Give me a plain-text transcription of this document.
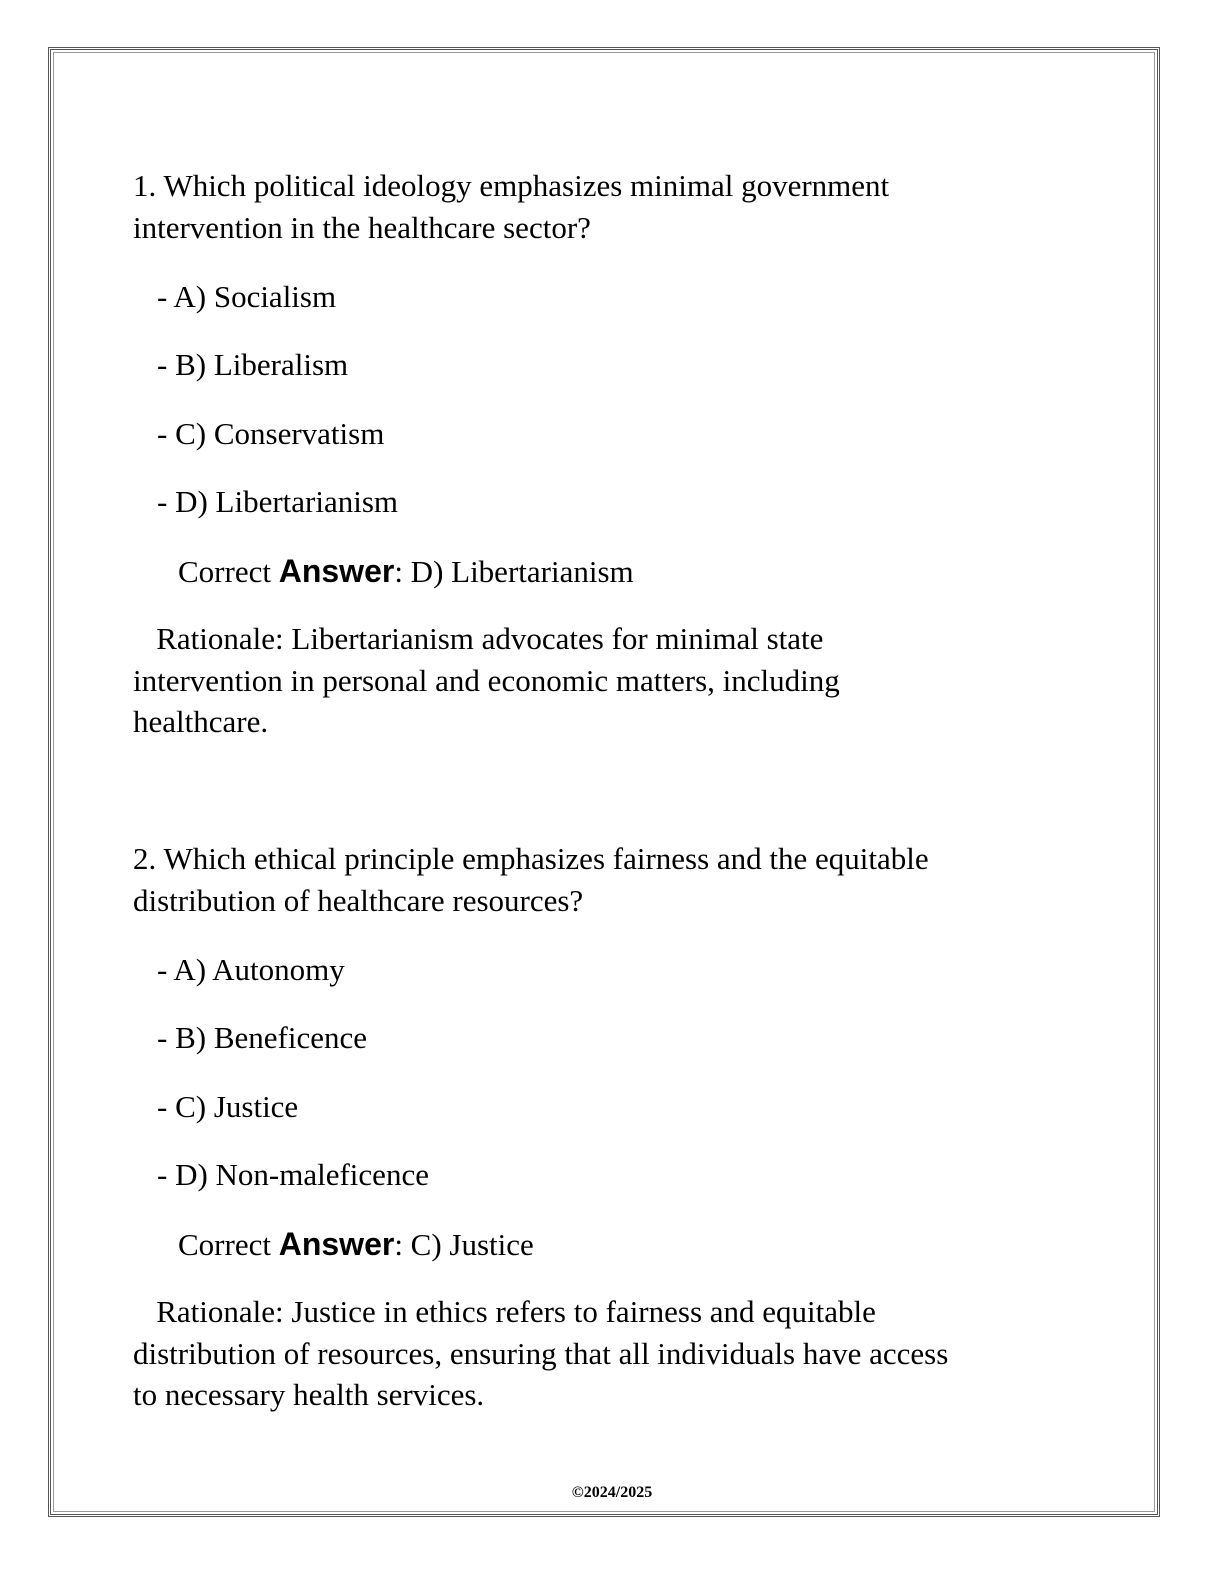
1. Which political ideology emphasizes minimal government
intervention in the healthcare sector?
- A) Socialism
- B) Liberalism
- C) Conservatism
- D) Libertarianism
Correct Answer: D) Libertarianism
Rationale: Libertarianism advocates for minimal state
intervention in personal and economic matters, including
healthcare.
2. Which ethical principle emphasizes fairness and the equitable
distribution of healthcare resources?
- A) Autonomy
- B) Beneficence
- C) Justice
- D) Non-maleficence
Correct Answer: C) Justice
Rationale: Justice in ethics refers to fairness and equitable
distribution of resources, ensuring that all individuals have access
to necessary health services.
©2024/2025
